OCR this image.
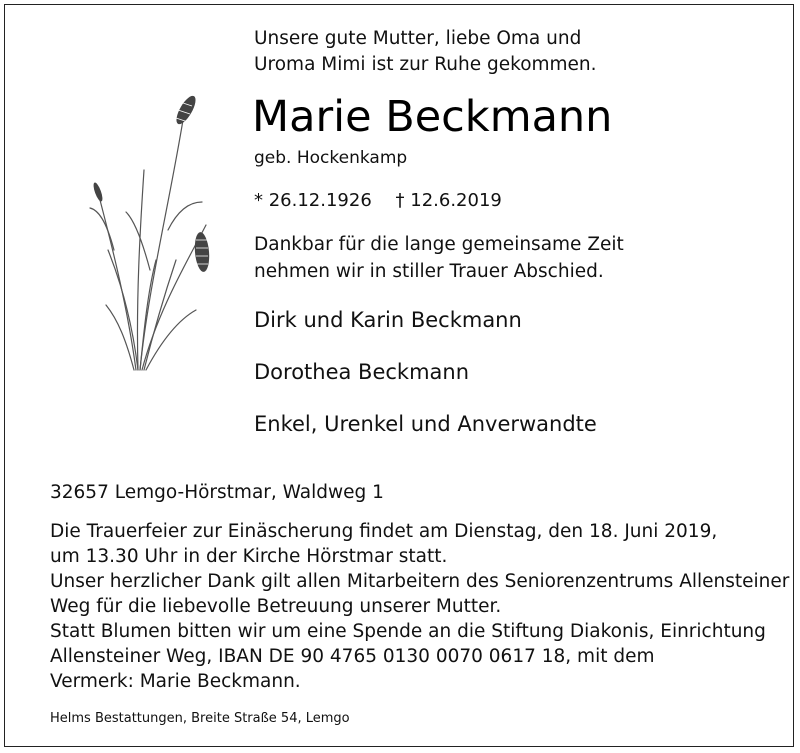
Unsere gute Mutter, liebe Oma und
Uroma Mimi ist zur Ruhe gekommen.
Marie Beckmann
geb. Hockenkamp
* 26.12.1926 † 12.6.2019
Dankbar für die lange gemeinsame Zeit
nehmen wir in stiller Trauer Abschied.
Dirk und Karin Beckmann
Dorothea Beckmann
Enkel, Urenkel und Anverwandte
32657 Lemgo-Hörstmar, Waldweg 1
Die Trauerfeier zur Einäscherung findet am Dienstag, den 18. Juni 2019,
um 13.30 Uhr in der Kirche Hörstmar statt.
Unser herzlicher Dank gilt allen Mitarbeitern des Seniorenzentrums Allensteiner
Weg für die liebevolle Betreuung unserer Mutter.
Statt Blumen bitten wir um eine Spende an die Stiftung Diakonis, Einrichtung
Allensteiner Weg, IBAN DE 90 4765 0130 0070 0617 18, mit dem
Vermerk: Marie Beckmann.
Helms Bestattungen, Breite Straße 54, Lemgo
